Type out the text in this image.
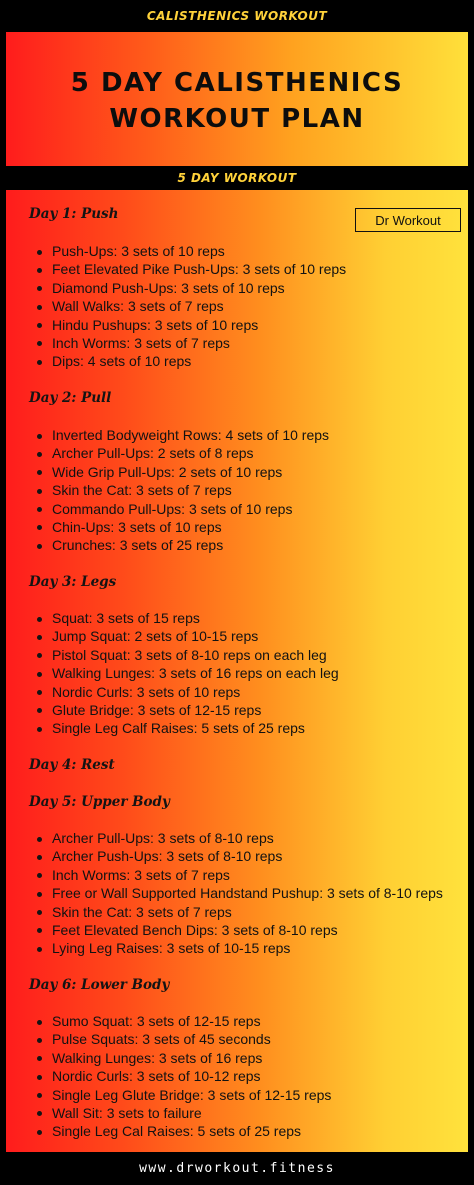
CALISTHENICS WORKOUT
5 DAY CALISTHENICS
WORKOUT PLAN
5 DAY WORKOUT
Dr Workout
Day 1: Push
Push-Ups: 3 sets of 10 reps
Feet Elevated Pike Push-Ups: 3 sets of 10 reps
Diamond Push-Ups: 3 sets of 10 reps
Wall Walks: 3 sets of 7 reps
Hindu Pushups: 3 sets of 10 reps
Inch Worms: 3 sets of 7 reps
Dips: 4 sets of 10 reps
Day 2: Pull
Inverted Bodyweight Rows: 4 sets of 10 reps
Archer Pull-Ups: 2 sets of 8 reps
Wide Grip Pull-Ups: 2 sets of 10 reps
Skin the Cat: 3 sets of 7 reps
Commando Pull-Ups: 3 sets of 10 reps
Chin-Ups: 3 sets of 10 reps
Crunches: 3 sets of 25 reps
Day 3: Legs
Squat: 3 sets of 15 reps
Jump Squat: 2 sets of 10-15 reps
Pistol Squat: 3 sets of 8-10 reps on each leg
Walking Lunges: 3 sets of 16 reps on each leg
Nordic Curls: 3 sets of 10 reps
Glute Bridge: 3 sets of 12-15 reps
Single Leg Calf Raises: 5 sets of 25 reps
Day 4: Rest
Day 5: Upper Body
Archer Pull-Ups: 3 sets of 8-10 reps
Archer Push-Ups: 3 sets of 8-10 reps
Inch Worms: 3 sets of 7 reps
Free or Wall Supported Handstand Pushup: 3 sets of 8-10 reps
Skin the Cat: 3 sets of 7 reps
Feet Elevated Bench Dips: 3 sets of 8-10 reps
Lying Leg Raises: 3 sets of 10-15 reps
Day 6: Lower Body
Sumo Squat: 3 sets of 12-15 reps
Pulse Squats: 3 sets of 45 seconds
Walking Lunges: 3 sets of 16 reps
Nordic Curls: 3 sets of 10-12 reps
Single Leg Glute Bridge: 3 sets of 12-15 reps
Wall Sit: 3 sets to failure
Single Leg Cal Raises: 5 sets of 25 reps
www.drworkout.fitness
